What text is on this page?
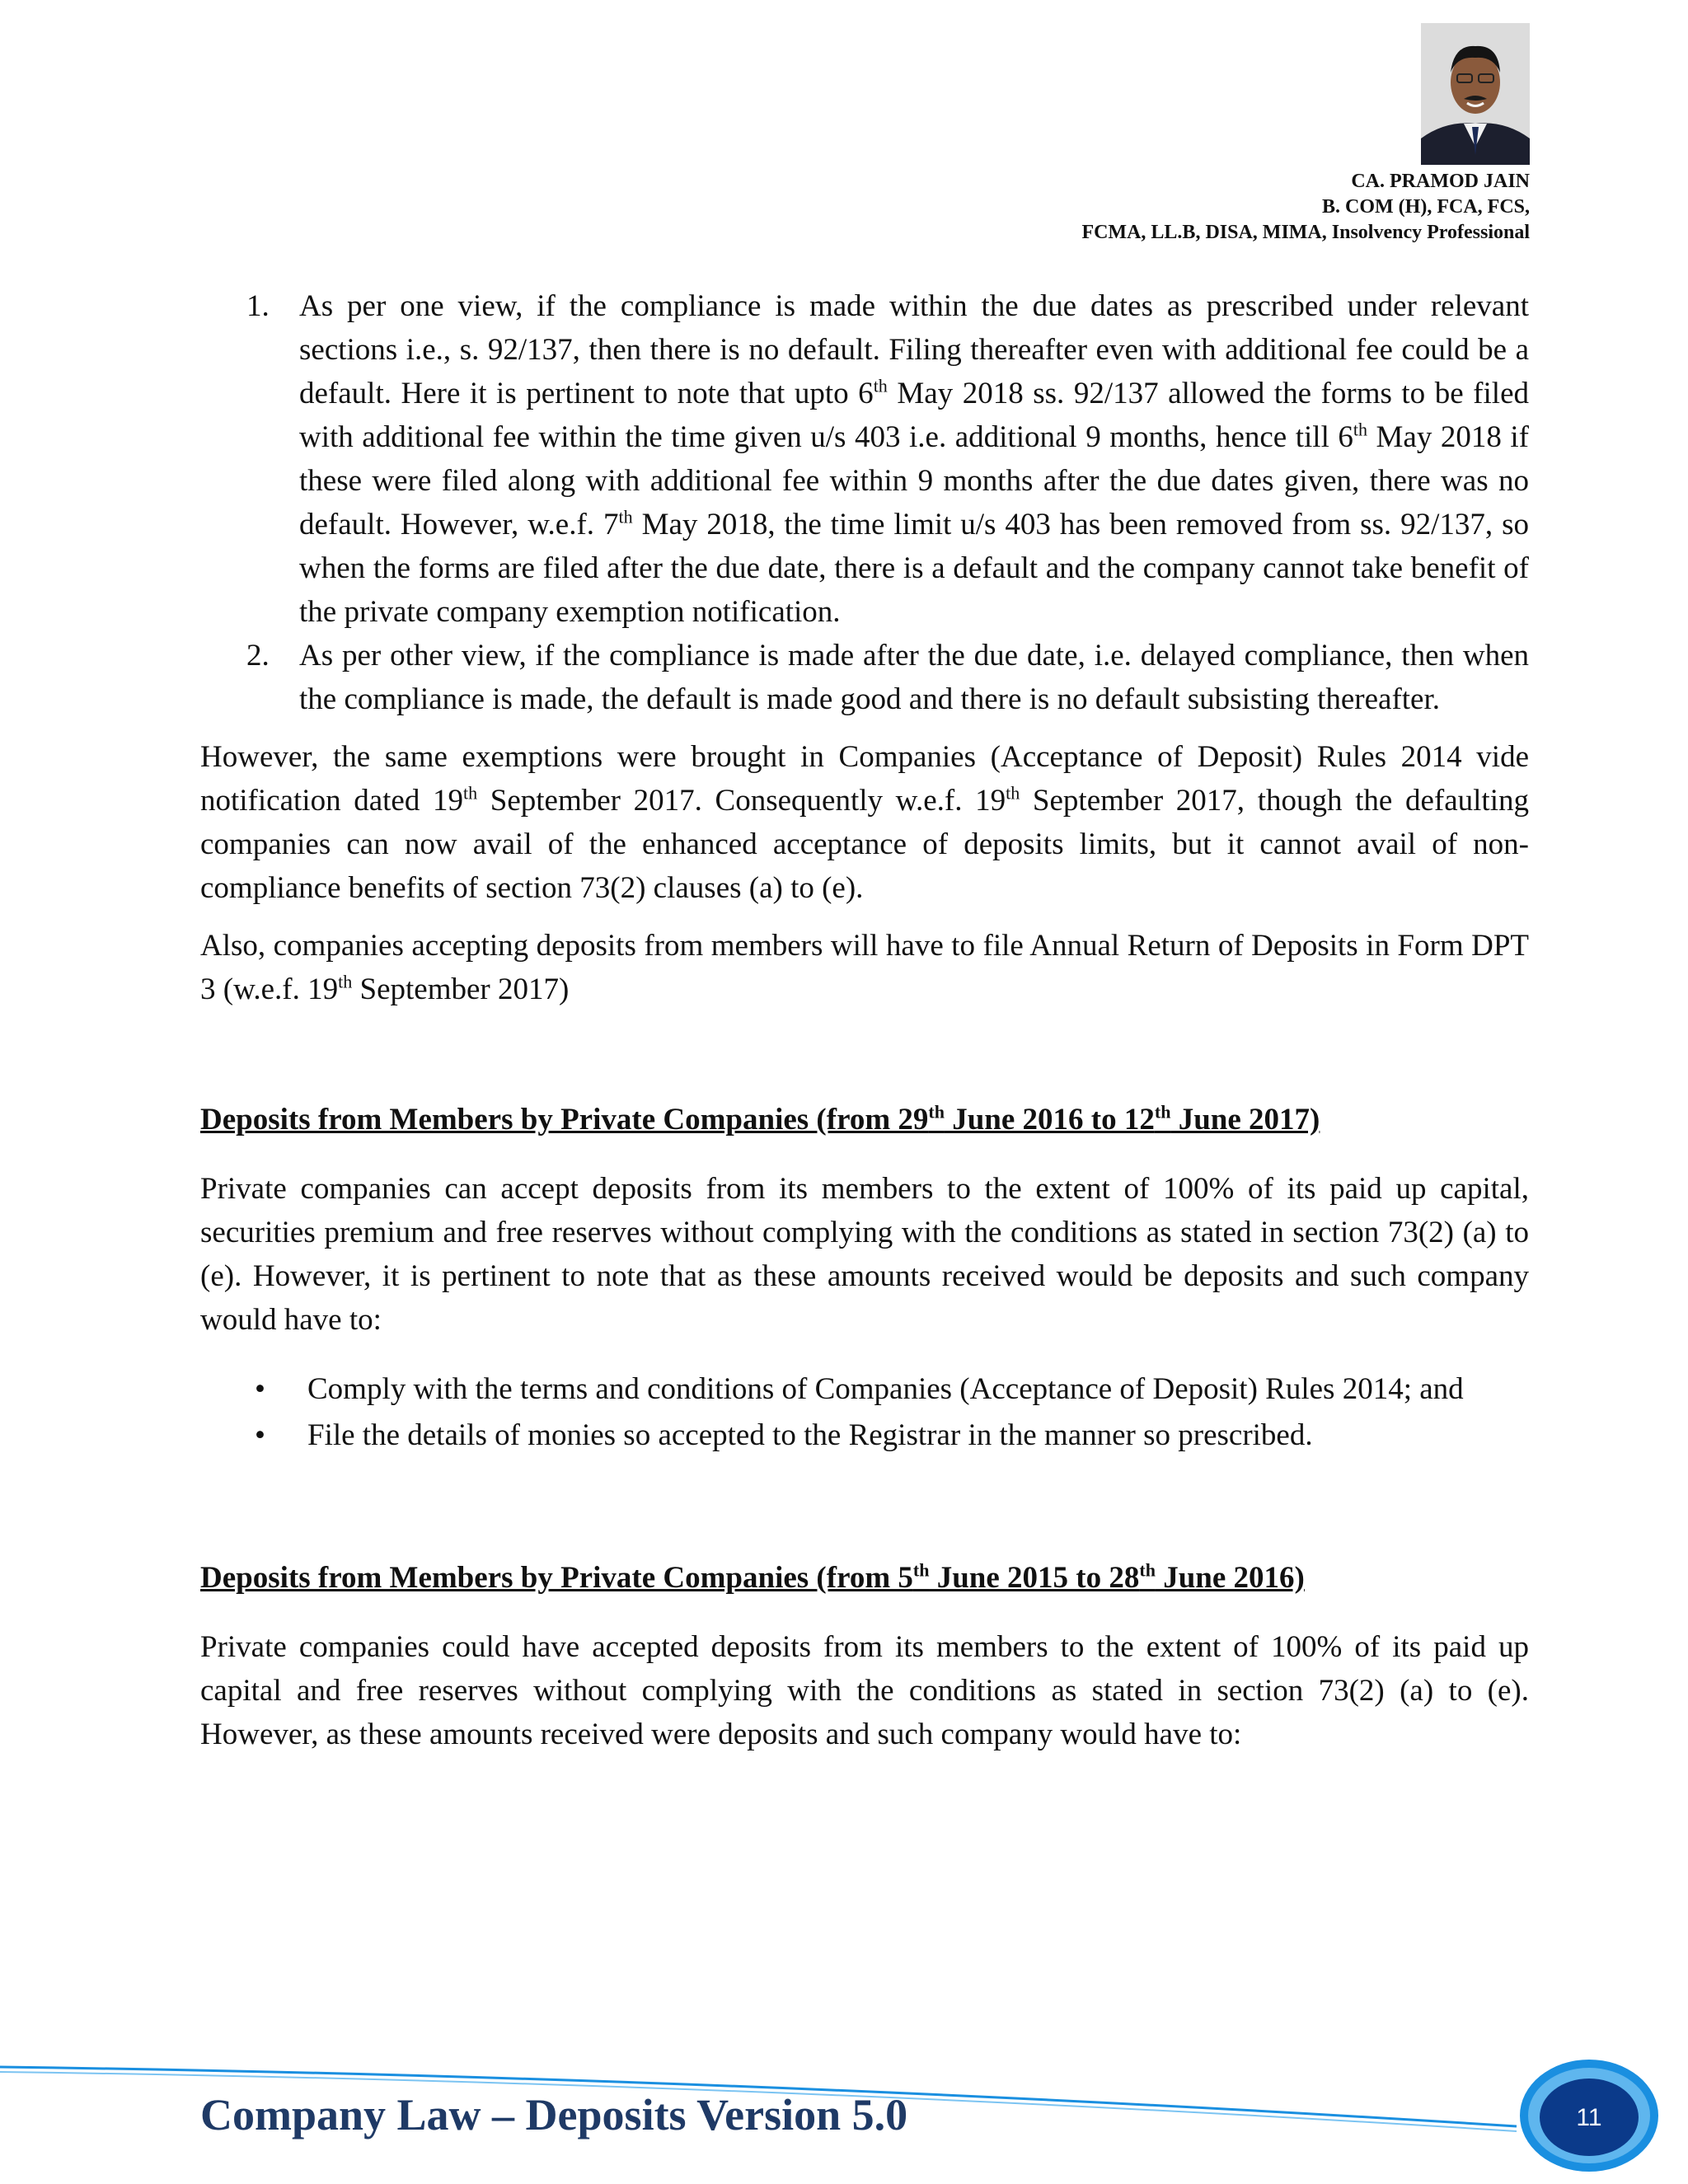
CA. PRAMOD JAIN
B. COM (H), FCA, FCS,
FCMA, LL.B, DISA, MIMA, Insolvency Professional
1. As per one view, if the compliance is made within the due dates as prescribed under relevant sections i.e., s. 92/137, then there is no default. Filing thereafter even with additional fee could be a default. Here it is pertinent to note that upto 6th May 2018 ss. 92/137 allowed the forms to be filed with additional fee within the time given u/s 403 i.e. additional 9 months, hence till 6th May 2018 if these were filed along with additional fee within 9 months after the due dates given, there was no default. However, w.e.f. 7th May 2018, the time limit u/s 403 has been removed from ss. 92/137, so when the forms are filed after the due date, there is a default and the company cannot take benefit of the private company exemption notification.
2. As per other view, if the compliance is made after the due date, i.e. delayed compliance, then when the compliance is made, the default is made good and there is no default subsisting thereafter.

However, the same exemptions were brought in Companies (Acceptance of Deposit) Rules 2014 vide notification dated 19th September 2017. Consequently w.e.f. 19th September 2017, though the defaulting companies can now avail of the enhanced acceptance of deposits limits, but it cannot avail of non-compliance benefits of section 73(2) clauses (a) to (e).

Also, companies accepting deposits from members will have to file Annual Return of Deposits in Form DPT 3 (w.e.f. 19th September 2017)

Deposits from Members by Private Companies (from 29th June 2016 to 12th June 2017)

Private companies can accept deposits from its members to the extent of 100% of its paid up capital, securities premium and free reserves without complying with the conditions as stated in section 73(2) (a) to (e). However, it is pertinent to note that as these amounts received would be deposits and such company would have to:

• Comply with the terms and conditions of Companies (Acceptance of Deposit) Rules 2014; and
• File the details of monies so accepted to the Registrar in the manner so prescribed.
Deposits from Members by Private Companies (from 5th June 2015 to 28th June 2016)

Private companies could have accepted deposits from its members to the extent of 100% of its paid up capital and free reserves without complying with the conditions as stated in section 73(2) (a) to (e). However, as these amounts received were deposits and such company would have to:

Company Law – Deposits Version 5.0	11
